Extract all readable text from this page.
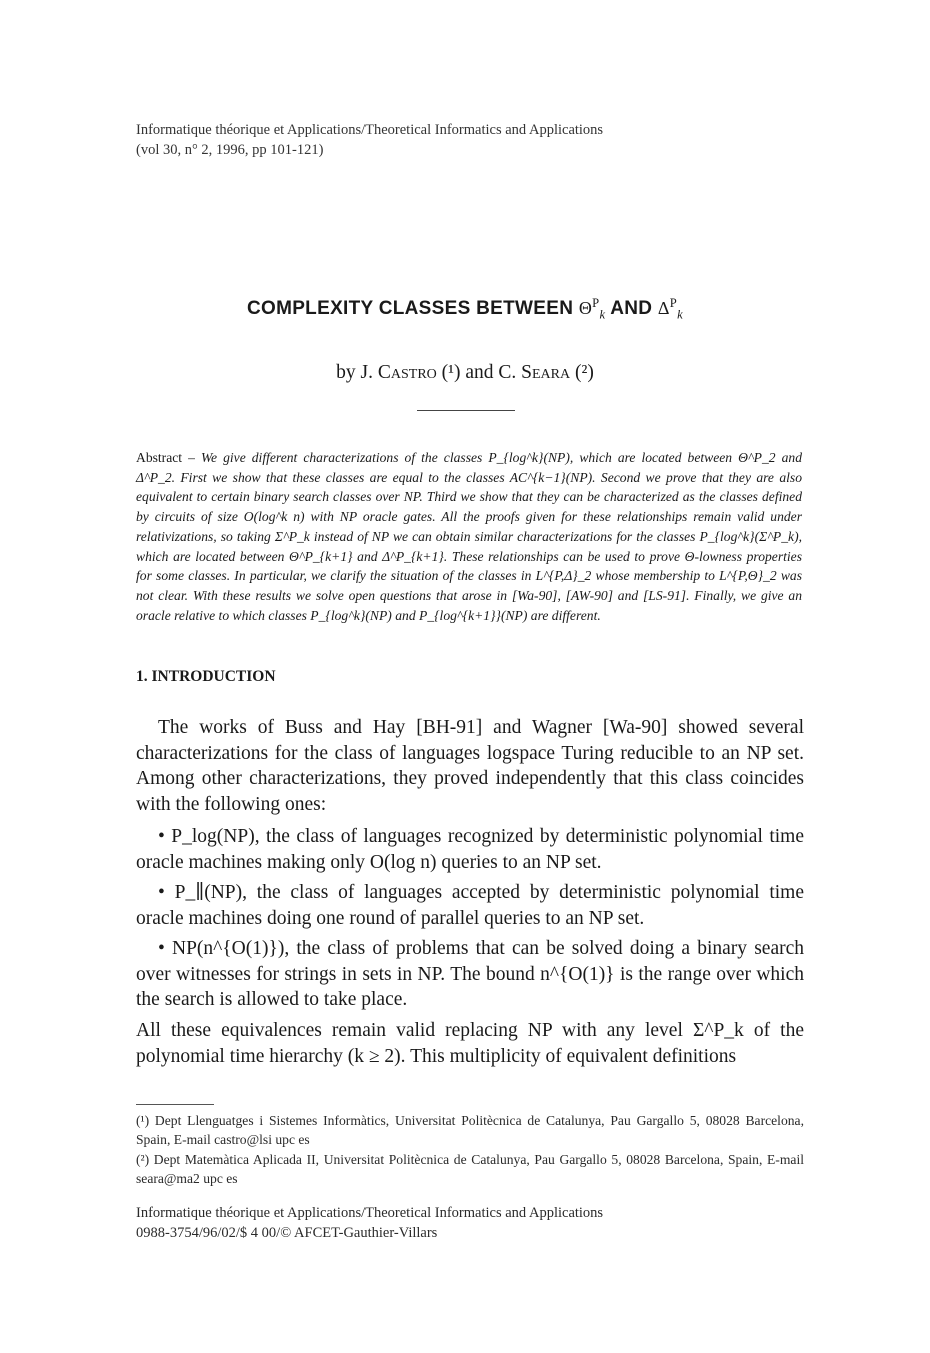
Informatique théorique et Applications/Theoretical Informatics and Applications
(vol 30, n° 2, 1996, pp 101-121)
COMPLEXITY CLASSES BETWEEN $\Theta^P_k$ AND $\Delta^P_k$
by J. Castro (¹) and C. Seara (²)
Abstract – We give different characterizations of the classes P_{log^k}(NP), which are located between Θ^P_2 and Δ^P_2. First we show that these classes are equal to the classes AC^{k−1}(NP). Second we prove that they are also equivalent to certain binary search classes over NP. Third we show that they can be characterized as the classes defined by circuits of size O(log^k n) with NP oracle gates. All the proofs given for these relationships remain valid under relativizations, so taking Σ^P_k instead of NP we can obtain similar characterizations for the classes P_{log^k}(Σ^P_k), which are located between Θ^P_{k+1} and Δ^P_{k+1}. These relationships can be used to prove Θ-lowness properties for some classes. In particular, we clarify the situation of the classes in L^{P,Δ}_2 whose membership to L^{P,Θ}_2 was not clear. With these results we solve open questions that arose in [Wa-90], [AW-90] and [LS-91]. Finally, we give an oracle relative to which classes P_{log^k}(NP) and P_{log^{k+1}}(NP) are different.
1. INTRODUCTION
The works of Buss and Hay [BH-91] and Wagner [Wa-90] showed several characterizations for the class of languages logspace Turing reducible to an NP set. Among other characterizations, they proved independently that this class coincides with the following ones:
• P_log(NP), the class of languages recognized by deterministic polynomial time oracle machines making only O(log n) queries to an NP set.
• P_∥(NP), the class of languages accepted by deterministic polynomial time oracle machines doing one round of parallel queries to an NP set.
• NP(n^{O(1)}), the class of problems that can be solved doing a binary search over witnesses for strings in sets in NP. The bound n^{O(1)} is the range over which the search is allowed to take place.
All these equivalences remain valid replacing NP with any level Σ^P_k of the polynomial time hierarchy (k ≥ 2). This multiplicity of equivalent definitions
(¹) Dept Llenguatges i Sistemes Informàtics, Universitat Politècnica de Catalunya, Pau Gargallo 5, 08028 Barcelona, Spain, E-mail castro@lsi upc es
(²) Dept Matemàtica Aplicada II, Universitat Politècnica de Catalunya, Pau Gargallo 5, 08028 Barcelona, Spain, E-mail seara@ma2 upc es
Informatique théorique et Applications/Theoretical Informatics and Applications
0988-3754/96/02/$ 4 00/© AFCET-Gauthier-Villars
